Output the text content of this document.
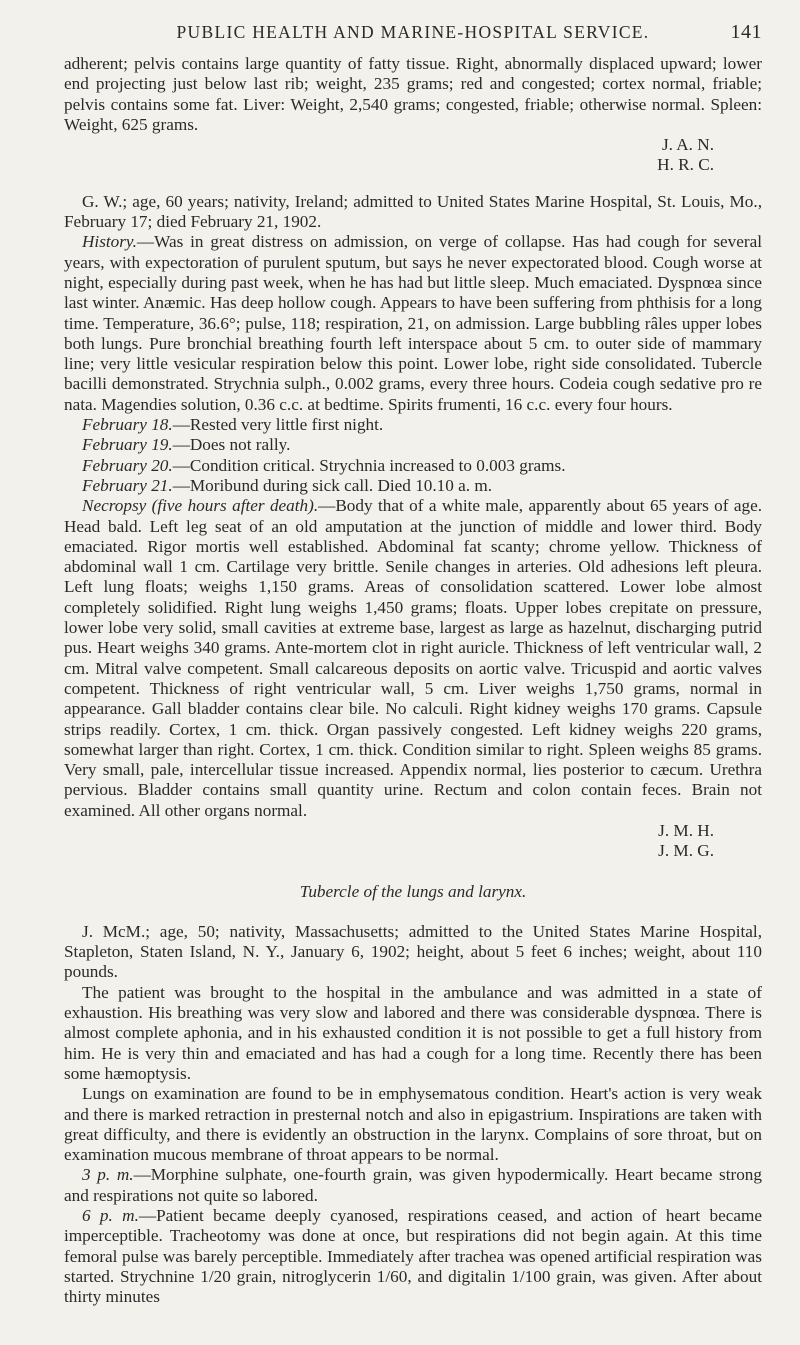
PUBLIC HEALTH AND MARINE-HOSPITAL SERVICE.	141

adherent; pelvis contains large quantity of fatty tissue. Right, abnormally displaced upward; lower end projecting just below last rib; weight, 235 grams; red and congested; cortex normal, friable; pelvis contains some fat. Liver: Weight, 2,540 grams; congested, friable; otherwise normal. Spleen: Weight, 625 grams.

J. A. N.

H. R. C.

G. W.; age, 60 years; nativity, Ireland; admitted to United States Marine Hospital, St. Louis, Mo., February 17; died February 21, 1902.

History.—Was in great distress on admission, on verge of collapse. Has had cough for several years, with expectoration of purulent sputum, but says he never expectorated blood. Cough worse at night, especially during past week, when he has had but little sleep. Much emaciated. Dyspnœa since last winter. Anæmic. Has deep hollow cough. Appears to have been suffering from phthisis for a long time. Temperature, 36.6°; pulse, 118; respiration, 21, on admission. Large bubbling râles upper lobes both lungs. Pure bronchial breathing fourth left interspace about 5 cm. to outer side of mammary line; very little vesicular respiration below this point. Lower lobe, right side consolidated. Tubercle bacilli demonstrated. Strychnia sulph., 0.002 grams, every three hours. Codeia cough sedative pro re nata. Magendies solution, 0.36 c.c. at bedtime. Spirits frumenti, 16 c.c. every four hours.

February 18.—Rested very little first night.

February 19.—Does not rally.

February 20.—Condition critical. Strychnia increased to 0.003 grams.

February 21.—Moribund during sick call. Died 10.10 a. m.

Necropsy (five hours after death).—Body that of a white male, apparently about 65 years of age. Head bald. Left leg seat of an old amputation at the junction of middle and lower third. Body emaciated. Rigor mortis well established. Abdominal fat scanty; chrome yellow. Thickness of abdominal wall 1 cm. Cartilage very brittle. Senile changes in arteries. Old adhesions left pleura. Left lung floats; weighs 1,150 grams. Areas of consolidation scattered. Lower lobe almost completely solidified. Right lung weighs 1,450 grams; floats. Upper lobes crepitate on pressure, lower lobe very solid, small cavities at extreme base, largest as large as hazelnut, discharging putrid pus. Heart weighs 340 grams. Ante-mortem clot in right auricle. Thickness of left ventricular wall, 2 cm. Mitral valve competent. Small calcareous deposits on aortic valve. Tricuspid and aortic valves competent. Thickness of right ventricular wall, 5 cm. Liver weighs 1,750 grams, normal in appearance. Gall bladder contains clear bile. No calculi. Right kidney weighs 170 grams. Capsule strips readily. Cortex, 1 cm. thick. Organ passively congested. Left kidney weighs 220 grams, somewhat larger than right. Cortex, 1 cm. thick. Condition similar to right. Spleen weighs 85 grams. Very small, pale, intercellular tissue increased. Appendix normal, lies posterior to cæcum. Urethra pervious. Bladder contains small quantity urine. Rectum and colon contain feces. Brain not examined. All other organs normal.

J. M. H.

J. M. G.

Tubercle of the lungs and larynx.

J. McM.; age, 50; nativity, Massachusetts; admitted to the United States Marine Hospital, Stapleton, Staten Island, N. Y., January 6, 1902; height, about 5 feet 6 inches; weight, about 110 pounds.

The patient was brought to the hospital in the ambulance and was admitted in a state of exhaustion. His breathing was very slow and labored and there was considerable dyspnœa. There is almost complete aphonia, and in his exhausted condition it is not possible to get a full history from him. He is very thin and emaciated and has had a cough for a long time. Recently there has been some hæmoptysis.

Lungs on examination are found to be in emphysematous condition. Heart's action is very weak and there is marked retraction in presternal notch and also in epigastrium. Inspirations are taken with great difficulty, and there is evidently an obstruction in the larynx. Complains of sore throat, but on examination mucous membrane of throat appears to be normal.

3 p. m.—Morphine sulphate, one-fourth grain, was given hypodermically. Heart became strong and respirations not quite so labored.

6 p. m.—Patient became deeply cyanosed, respirations ceased, and action of heart became imperceptible. Tracheotomy was done at once, but respirations did not begin again. At this time femoral pulse was barely perceptible. Immediately after trachea was opened artificial respiration was started. Strychnine 1/20 grain, nitroglycerin 1/60, and digitalin 1/100 grain, was given. After about thirty minutes
